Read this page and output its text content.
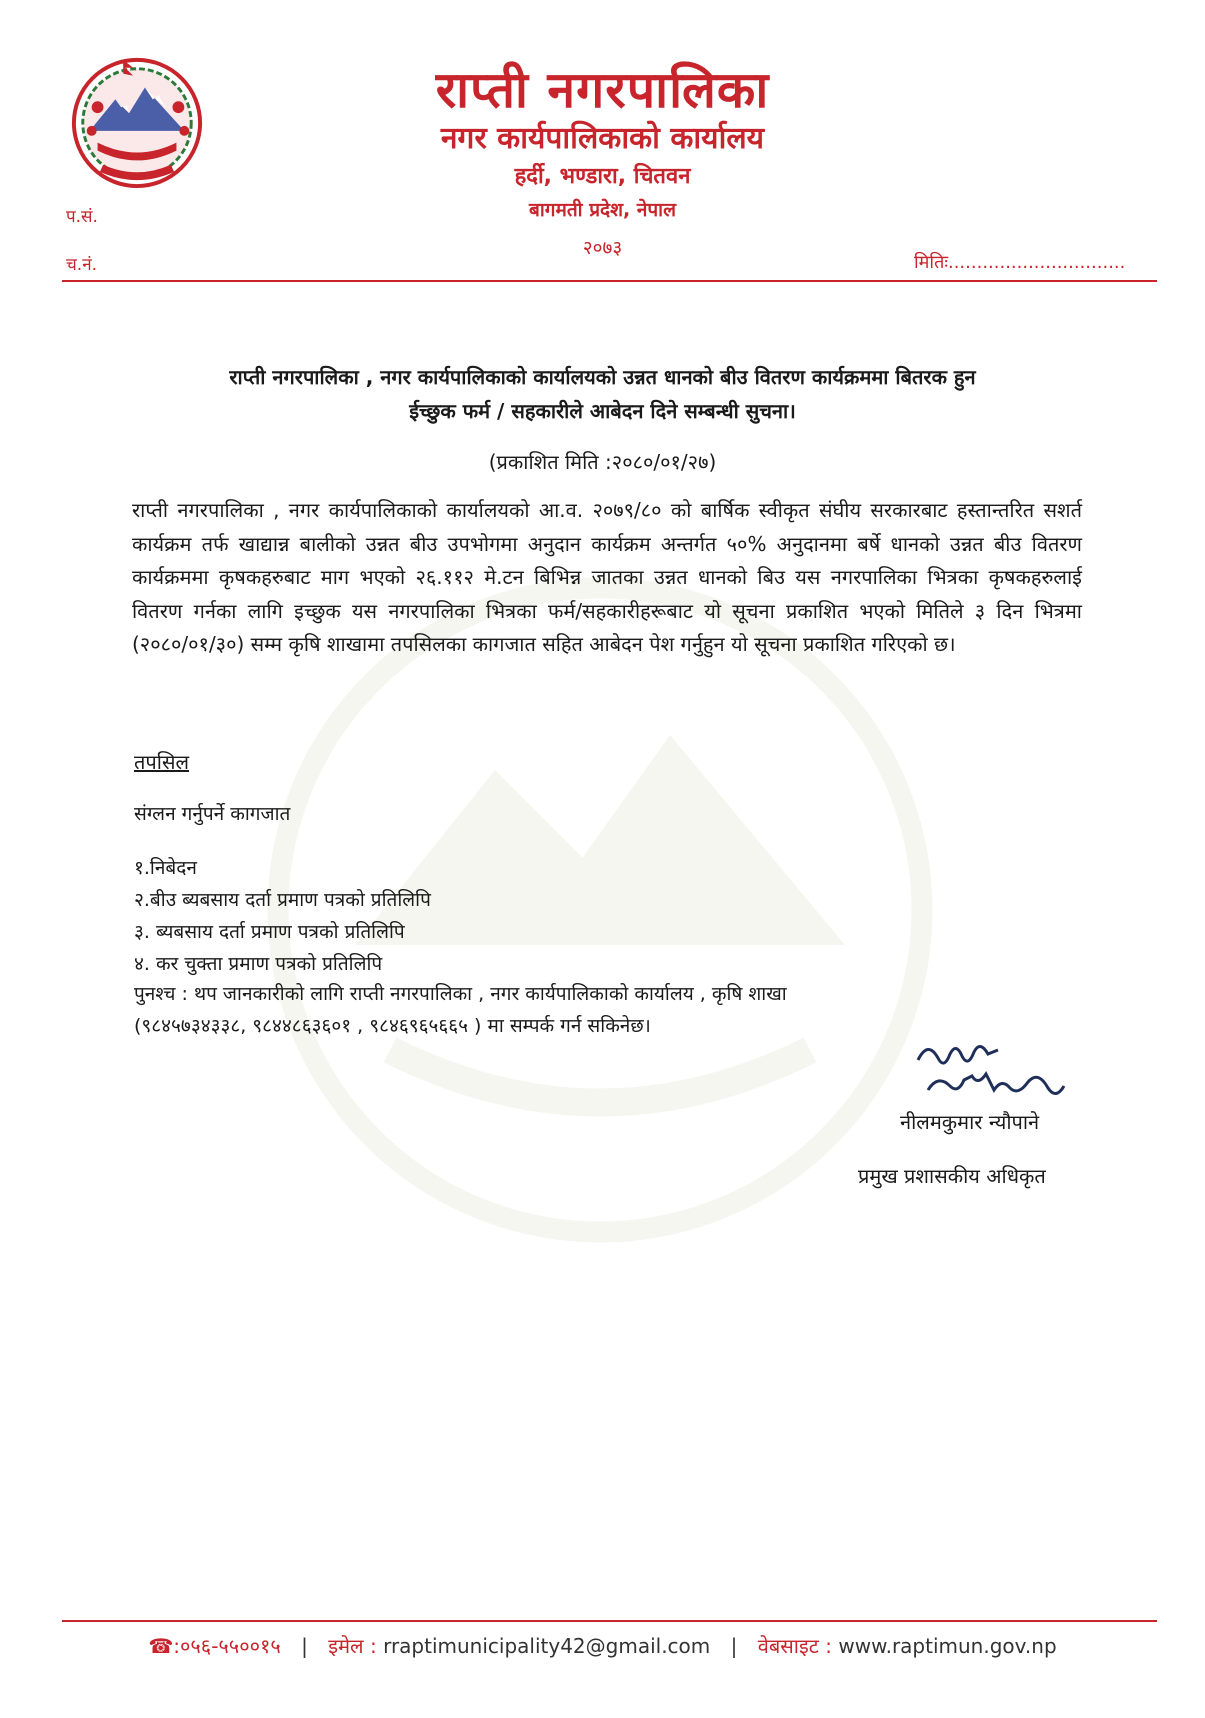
राप्ती नगरपालिका
नगर कार्यपालिकाको कार्यालय
हर्दी, भण्डारा, चितवन
बागमती प्रदेश, नेपाल
२०७३
प.सं.
च.नं.	मितिः...............................
राप्ती नगरपालिका , नगर कार्यपालिकाको कार्यालयको उन्नत धानको बीउ वितरण कार्यक्रममा बितरक हुन
ईच्छुक फर्म / सहकारीले आबेदन दिने सम्बन्धी सुचना।
(प्रकाशित मिति :२०८०/०१/२७)
राप्ती नगरपालिका , नगर कार्यपालिकाको कार्यालयको आ.व. २०७९/८० को बार्षिक स्वीकृत संघीय सरकारबाट हस्तान्तरित सशर्त कार्यक्रम तर्फ खाद्यान्न बालीको उन्नत बीउ उपभोगमा अनुदान कार्यक्रम अन्तर्गत ५०% अनुदानमा बर्षे धानको उन्नत बीउ वितरण कार्यक्रममा कृषकहरुबाट माग भएको २६.११२ मे.टन बिभिन्न जातका उन्नत धानको बिउ यस नगरपालिका भित्रका कृषकहरुलाई वितरण गर्नका लागि इच्छुक यस नगरपालिका भित्रका फर्म/सहकारीहरूबाट यो सूचना प्रकाशित भएको मितिले ३ दिन भित्रमा (२०८०/०१/३०) सम्म कृषि शाखामा तपसिलका कागजात सहित आबेदन पेश गर्नुहुन यो सूचना प्रकाशित गरिएको छ।
तपसिल
संग्लन गर्नुपर्ने कागजात
१.निबेदन
२.बीउ ब्यबसाय दर्ता प्रमाण पत्रको प्रतिलिपि
३. ब्यबसाय दर्ता प्रमाण पत्रको प्रतिलिपि
४. कर चुक्ता प्रमाण पत्रको प्रतिलिपि
पुनश्च : थप जानकारीको लागि राप्ती नगरपालिका , नगर कार्यपालिकाको कार्यालय , कृषि शाखा
(९८४५७३४३३८, ९८४४८६३६०१ , ९८४६९६५६६५ ) मा सम्पर्क गर्न सकिनेछ।
नीलमकुमार न्यौपाने
प्रमुख प्रशासकीय अधिकृत
☎:०५६-५५००१५ | इमेल : rraptimunicipality42@gmail.com | वेबसाइट : www.raptimun.gov.np
